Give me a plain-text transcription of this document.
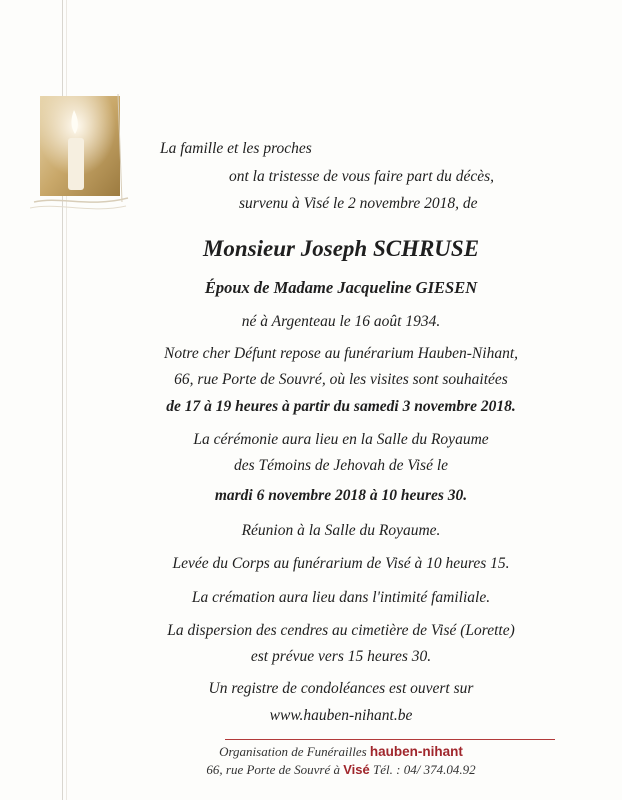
La famille et les proches
ont la tristesse de vous faire part du décès,
survenu à Visé le 2 novembre 2018, de
Monsieur Joseph SCHRUSE
Époux de Madame Jacqueline GIESEN
né à Argenteau le 16 août 1934.
Notre cher Défunt repose au funérarium Hauben-Nihant,
66, rue Porte de Souvré, où les visites sont souhaitées
de 17 à 19 heures à partir du samedi 3 novembre 2018.
La cérémonie aura lieu en la Salle du Royaume
des Témoins de Jehovah de Visé le
mardi 6 novembre 2018 à 10 heures 30.
Réunion à la Salle du Royaume.
Levée du Corps au funérarium de Visé à 10 heures 15.
La crémation aura lieu dans l'intimité familiale.
La dispersion des cendres au cimetière de Visé (Lorette)
est prévue vers 15 heures 30.
Un registre de condoléances est ouvert sur
www.hauben-nihant.be
Organisation de Funérailles hauben-nihant
66, rue Porte de Souvré à Visé Tél. : 04/ 374.04.92
